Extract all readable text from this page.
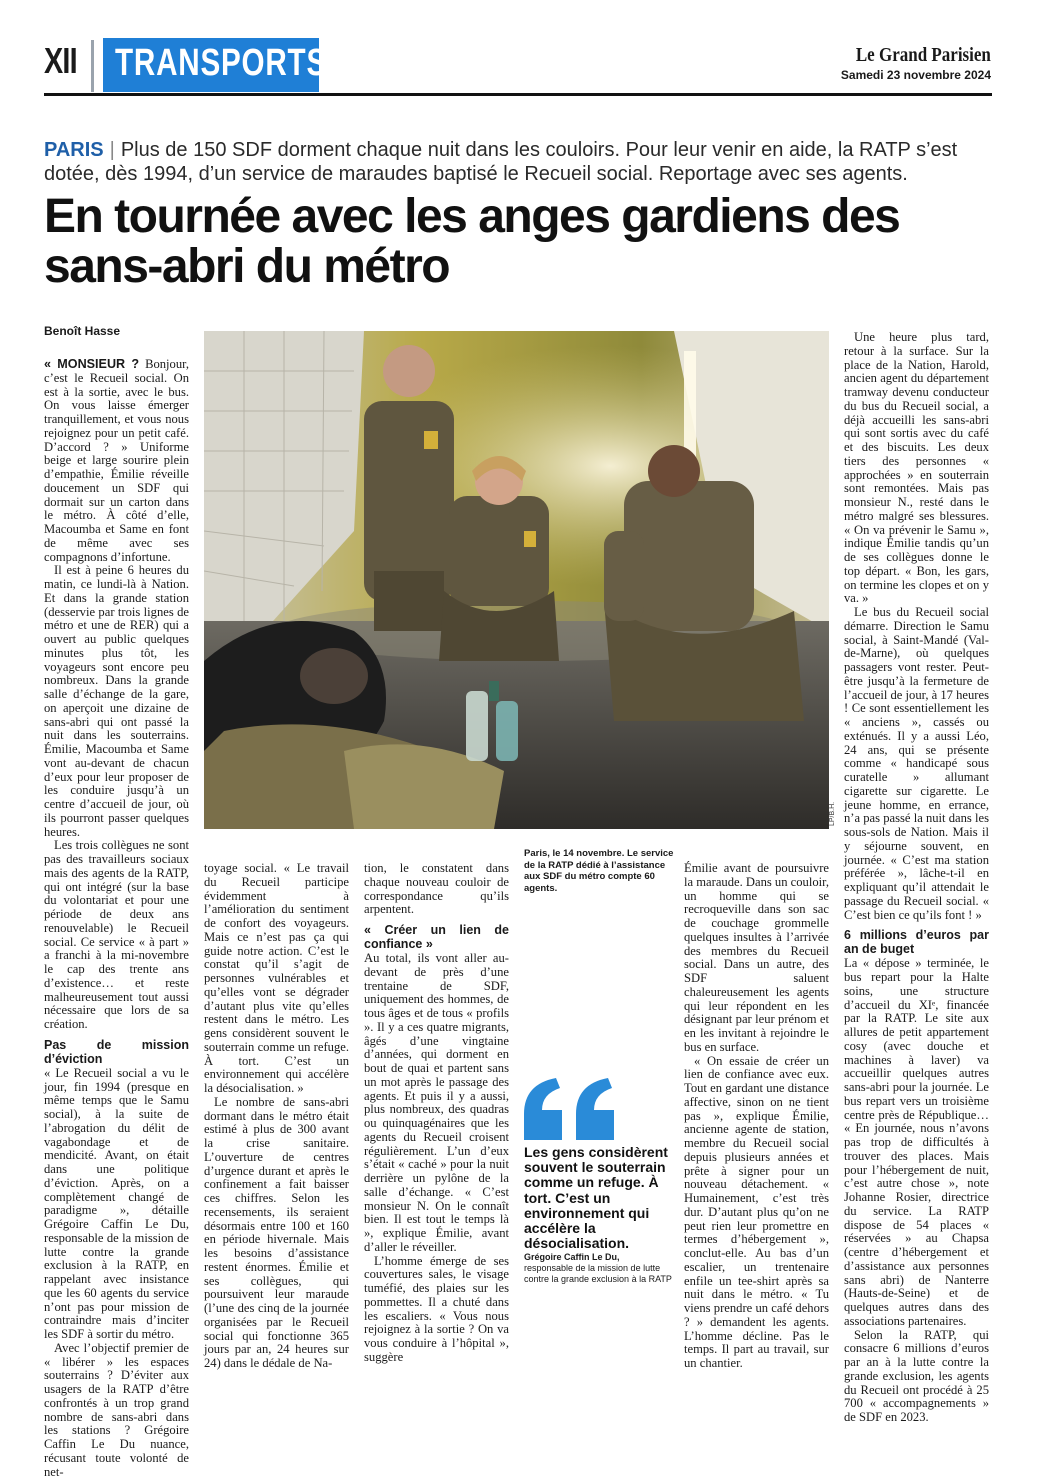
XII TRANSPORTS	Le Grand Parisien
Samedi 23 novembre 2024
PARIS | Plus de 150 SDF dorment chaque nuit dans les couloirs. Pour leur venir en aide, la RATP s’est dotée, dès 1994, d’un service de maraudes baptisé le Recueil social. Reportage avec ses agents.
En tournée avec les anges gardiens des sans-abri du métro
Benoît Hasse

« MONSIEUR ? Bonjour, c’est le Recueil social. On est à la sortie, avec le bus. On vous laisse émerger tranquillement, et vous nous rejoignez pour un petit café. D’accord ? » Uniforme beige et large sourire plein d’empathie, Émilie réveille doucement un SDF qui dormait sur un carton dans le métro. À côté d’elle, Macoumba et Same en font de même avec ses compagnons d’infortune.

Il est à peine 6 heures du matin, ce lundi-là à Nation. Et dans la grande station (desservie par trois lignes de métro et une de RER) qui a ouvert au public quelques minutes plus tôt, les voyageurs sont encore peu nombreux. Dans la grande salle d’échange de la gare, on aperçoit une dizaine de sans-abri qui ont passé la nuit dans les souterrains. Émilie, Macoumba et Same vont au-devant de chacun d’eux pour leur proposer de les conduire jusqu’à un centre d’accueil de jour, où ils pourront passer quelques heures.

Les trois collègues ne sont pas des travailleurs sociaux mais des agents de la RATP, qui ont intégré (sur la base du volontariat et pour une période de deux ans renouvelable) le Recueil social. Ce service « à part » a franchi à la mi-novembre le cap des trente ans d’existence… et reste malheureusement tout aussi nécessaire que lors de sa création.

Pas de mission d’éviction

« Le Recueil social a vu le jour, fin 1994 (presque en même temps que le Samu social), à la suite de l’abrogation du délit de vagabondage et de mendicité. Avant, on était dans une politique d’éviction. Après, on a complètement changé de paradigme », détaille Grégoire Caffin Le Du, responsable de la mission de lutte contre la grande exclusion à la RATP, en rappelant avec insistance que les 60 agents du service n’ont pas pour mission de contraindre mais d’inciter les SDF à sortir du métro.

Avec l’objectif premier de « libérer » les espaces souterrains ? D’éviter aux usagers de la RATP d’être confrontés à un trop grand nombre de sans-abri dans les stations ? Grégoire Caffin Le Du nuance, récusant toute volonté de net-

LP/B.H.

toyage social. « Le travail du Recueil participe évidemment à l’amélioration du sentiment de confort des voyageurs. Mais ce n’est pas ça qui guide notre action. C’est le constat qu’il s’agit de personnes vulnérables et qu’elles vont se dégrader d’autant plus vite qu’elles restent dans le métro. Les gens considèrent souvent le souterrain comme un refuge. À tort. C’est un environnement qui accélère la désocialisation. »

Le nombre de sans-abri dormant dans le métro était estimé à plus de 300 avant la crise sanitaire. L’ouverture de centres d’urgence durant et après le confinement a fait baisser ces chiffres. Selon les recensements, ils seraient désormais entre 100 et 160 en période hivernale. Mais les besoins d’assistance restent énormes. Émilie et ses collègues, qui poursuivent leur maraude (l’une des cinq de la journée organisées par le Recueil social qui fonctionne 365 jours par an, 24 heures sur 24) dans le dédale de Na-

tion, le constatent dans chaque nouveau couloir de correspondance qu’ils arpentent.

« Créer un lien de confiance »

Au total, ils vont aller au-devant de près d’une trentaine de SDF, uniquement des hommes, de tous âges et de tous « profils ». Il y a ces quatre migrants, âgés d’une vingtaine d’années, qui dorment en bout de quai et partent sans un mot après le passage des agents. Et puis il y a aussi, plus nombreux, des quadras ou quinquagénaires que les agents du Recueil croisent régulièrement. L’un d’eux s’était « caché » pour la nuit derrière un pylône de la salle d’échange. « C’est monsieur N. On le connaît bien. Il est tout le temps là », explique Émilie, avant d’aller le réveiller.

L’homme émerge de ses couvertures sales, le visage tuméfié, des plaies sur les pommettes. Il a chuté dans les escaliers. « Vous nous rejoignez à la sortie ? On va vous conduire à l’hôpital », suggère

Paris, le 14 novembre. Le service de la RATP dédié à l’assistance aux SDF du métro compte 60 agents.
Les gens considèrent souvent le souterrain comme un refuge. À tort. C’est un environnement qui accélère la désocialisation.
Grégoire Caffin Le Du,
responsable de la mission de lutte contre la grande exclusion à la RATP

Émilie avant de poursuivre la maraude. Dans un couloir, un homme qui se recroqueville dans son sac de couchage grommelle quelques insultes à l’arrivée des membres du Recueil social. Dans un autre, des SDF saluent chaleureusement les agents qui leur répondent en les désignant par leur prénom et en les invitant à rejoindre le bus en surface.

« On essaie de créer un lien de confiance avec eux. Tout en gardant une distance affective, sinon on ne tient pas », explique Émilie, ancienne agente de station, membre du Recueil social depuis plusieurs années et prête à signer pour un nouveau détachement. « Humainement, c’est très dur. D’autant plus qu’on ne peut rien leur promettre en termes d’hébergement », conclut-elle. Au bas d’un escalier, un trentenaire enfile un tee-shirt après sa nuit dans le métro. « Tu viens prendre un café dehors ? » demandent les agents. L’homme décline. Pas le temps. Il part au travail, sur un chantier.

Une heure plus tard, retour à la surface. Sur la place de la Nation, Harold, ancien agent du département tramway devenu conducteur du bus du Recueil social, a déjà accueilli les sans-abri qui sont sortis avec du café et des biscuits. Les deux tiers des personnes « approchées » en souterrain sont remontées. Mais pas monsieur N., resté dans le métro malgré ses blessures. « On va prévenir le Samu », indique Émilie tandis qu’un de ses collègues donne le top départ. « Bon, les gars, on termine les clopes et on y va. »

Le bus du Recueil social démarre. Direction le Samu social, à Saint-Mandé (Val-de-Marne), où quelques passagers vont rester. Peut-être jusqu’à la fermeture de l’accueil de jour, à 17 heures ! Ce sont essentiellement les « anciens », cassés ou exténués. Il y a aussi Léo, 24 ans, qui se présente comme « handicapé sous curatelle » allumant cigarette sur cigarette. Le jeune homme, en errance, n’a pas passé la nuit dans les sous-sols de Nation. Mais il y séjourne souvent, en journée. « C’est ma station préférée », lâche-t-il en expliquant qu’il attendait le passage du Recueil social. « C’est bien ce qu’ils font ! »

6 millions d’euros par an de buget

La « dépose » terminée, le bus repart pour la Halte soins, une structure d’accueil du XIᵉ, financée par la RATP. Le site aux allures de petit appartement cosy (avec douche et machines à laver) va accueillir quelques autres sans-abri pour la journée. Le bus repart vers un troisième centre près de République… « En journée, nous n’avons pas trop de difficultés à trouver des places. Mais pour l’hébergement de nuit, c’est autre chose », note Johanne Rosier, directrice du service. La RATP dispose de 54 places « réservées » au Chapsa (centre d’hébergement et d’assistance aux personnes sans abri) de Nanterre (Hauts-de-Seine) et de quelques autres dans des associations partenaires.

Selon la RATP, qui consacre 6 millions d’euros par an à la lutte contre la grande exclusion, les agents du Recueil ont procédé à 25 700 « accompagnements » de SDF en 2023.
